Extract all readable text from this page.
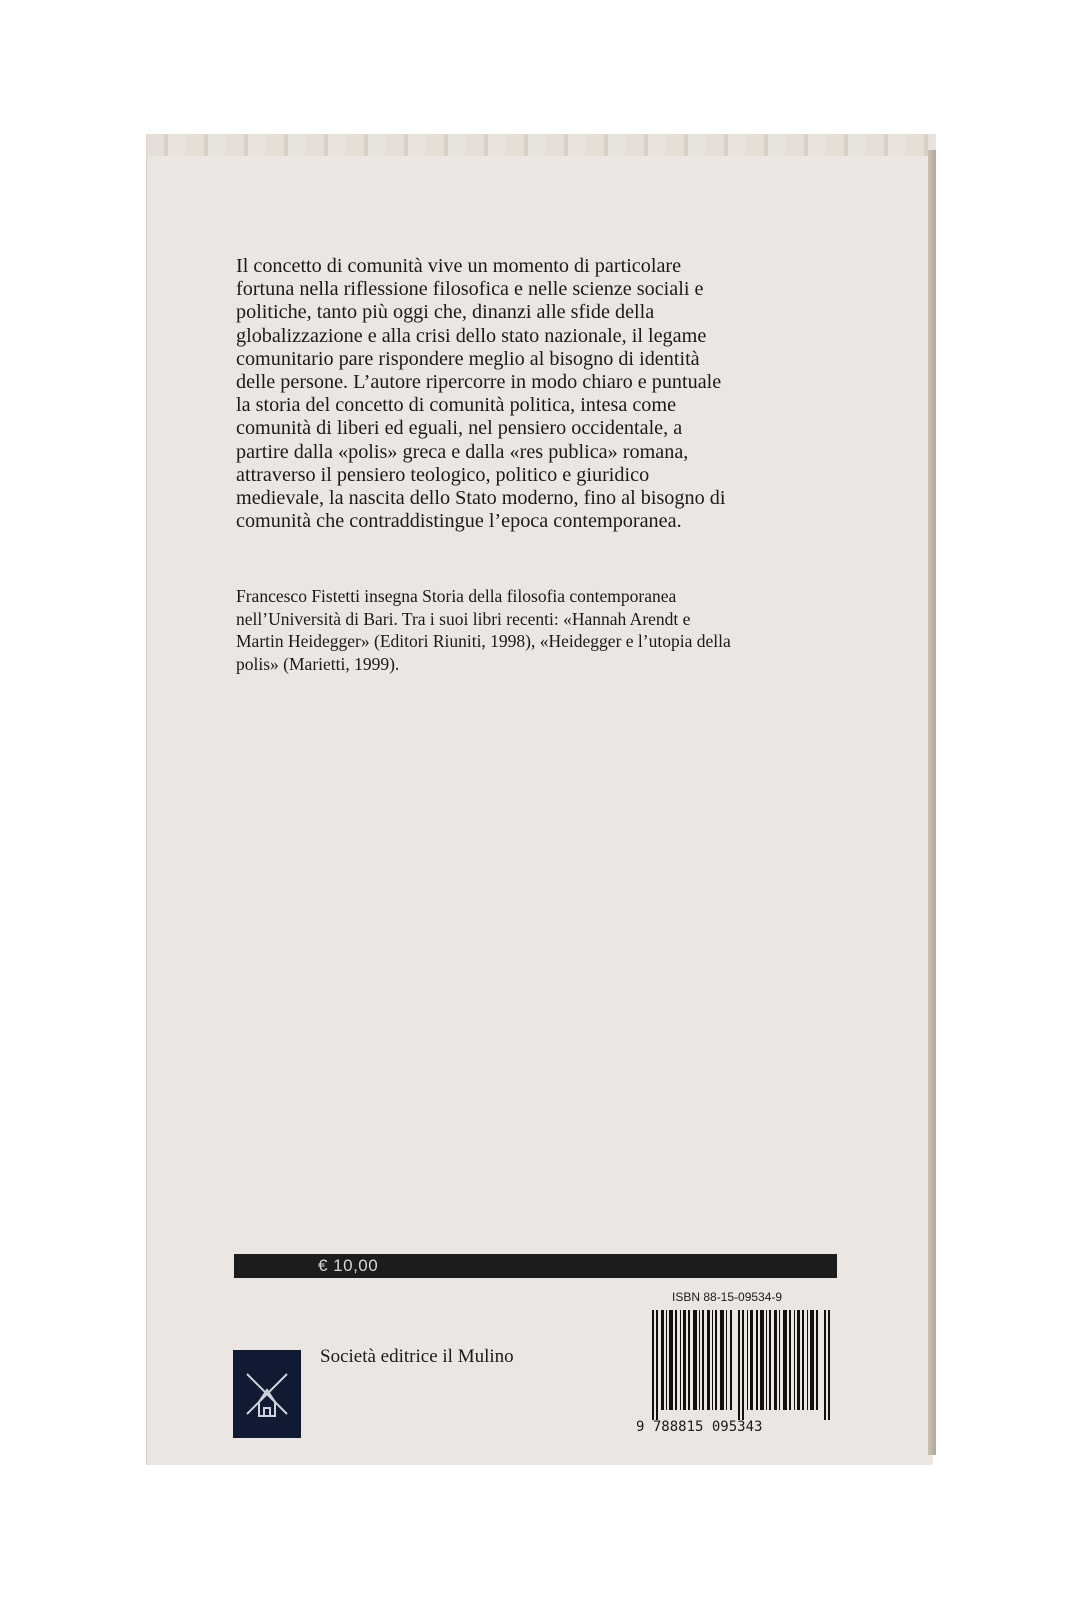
Il concetto di comunità vive un momento di particolare
fortuna nella riflessione filosofica e nelle scienze sociali e
politiche, tanto più oggi che, dinanzi alle sfide della
globalizzazione e alla crisi dello stato nazionale, il legame
comunitario pare rispondere meglio al bisogno di identità
delle persone. L’autore ripercorre in modo chiaro e puntuale
la storia del concetto di comunità politica, intesa come
comunità di liberi ed eguali, nel pensiero occidentale, a
partire dalla «polis» greca e dalla «res publica» romana,
attraverso il pensiero teologico, politico e giuridico
medievale, la nascita dello Stato moderno, fino al bisogno di
comunità che contraddistingue l’epoca contemporanea.

Francesco Fistetti insegna Storia della filosofia contemporanea
nell’Università di Bari. Tra i suoi libri recenti: «Hannah Arendt e
Martin Heidegger» (Editori Riuniti, 1998), «Heidegger e l’utopia della
polis» (Marietti, 1999).

€ 10,00
ISBN 88-15-09534-9
9 788815 095343
Società editrice il Mulino
